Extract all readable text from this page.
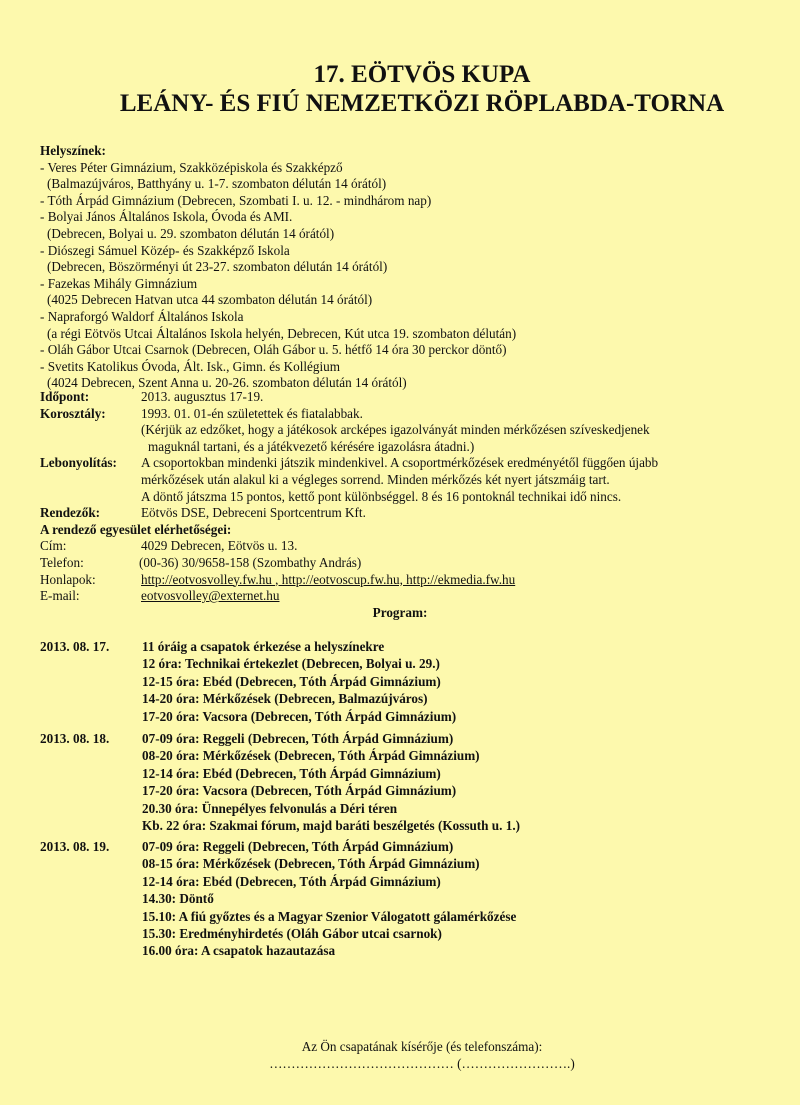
17. EÖTVÖS KUPA
LEÁNY- ÉS FIÚ NEMZETKÖZI RÖPLABDA-TORNA
Helyszínek:
- Veres Péter Gimnázium, Szakközépiskola és Szakképző
(Balmazújváros, Batthyány u. 1-7. szombaton délután 14 órától)
- Tóth Árpád Gimnázium (Debrecen, Szombati I. u. 12. - mindhárom nap)
- Bolyai János Általános Iskola, Óvoda és AMI.
(Debrecen, Bolyai u. 29. szombaton délután 14 órától)
- Diószegi Sámuel Közép- és Szakképző Iskola
(Debrecen, Böszörményi út 23-27. szombaton délután 14 órától)
- Fazekas Mihály Gimnázium
(4025 Debrecen Hatvan utca 44 szombaton délután 14 órától)
- Napraforgó Waldorf Általános Iskola
(a régi Eötvös Utcai Általános Iskola helyén, Debrecen, Kút utca 19. szombaton délután)
- Oláh Gábor Utcai Csarnok (Debrecen, Oláh Gábor u. 5. hétfő 14 óra 30 perckor döntő)
- Svetits Katolikus Óvoda, Ált. Isk., Gimn. és Kollégium
(4024 Debrecen, Szent Anna u. 20-26. szombaton délután 14 órától)
Időpont:	2013. augusztus 17-19.
Korosztály:	1993. 01. 01-én születettek és fiatalabbak.
(Kérjük az edzőket, hogy a játékosok arcképes igazolványát minden mérkőzésen szíveskedjenek
maguknál tartani, és a játékvezető kérésére igazolásra átadni.)
Lebonyolítás: A csoportokban mindenki játszik mindenkivel. A csoportmérkőzések eredményétől függően újabb
mérkőzések után alakul ki a végleges sorrend. Minden mérkőzés két nyert játszmáig tart.
A döntő játszma 15 pontos, kettő pont különbséggel. 8 és 16 pontoknál technikai idő nincs.
Rendezők:	Eötvös DSE, Debreceni Sportcentrum Kft.
A rendező egyesület elérhetőségei:
Cím:	4029 Debrecen, Eötvös u. 13.
Telefon:	(00-36) 30/9658-158 (Szombathy András)
Honlapok:	http://eotvosvolley.fw.hu , http://eotvoscup.fw.hu, http://ekmedia.fw.hu
E-mail:	eotvosvolley@externet.hu
Program:
2013. 08. 17. 11 óráig a csapatok érkezése a helyszínekre
12 óra: Technikai értekezlet (Debrecen, Bolyai u. 29.)
12-15 óra: Ebéd (Debrecen, Tóth Árpád Gimnázium)
14-20 óra: Mérkőzések (Debrecen, Balmazújváros)
17-20 óra: Vacsora (Debrecen, Tóth Árpád Gimnázium)
2013. 08. 18. 07-09 óra: Reggeli (Debrecen, Tóth Árpád Gimnázium)
08-20 óra: Mérkőzések (Debrecen, Tóth Árpád Gimnázium)
12-14 óra: Ebéd (Debrecen, Tóth Árpád Gimnázium)
17-20 óra: Vacsora (Debrecen, Tóth Árpád Gimnázium)
20.30 óra: Ünnepélyes felvonulás a Déri téren
Kb. 22 óra: Szakmai fórum, majd baráti beszélgetés (Kossuth u. 1.)
2013. 08. 19. 07-09 óra: Reggeli (Debrecen, Tóth Árpád Gimnázium)
08-15 óra: Mérkőzések (Debrecen, Tóth Árpád Gimnázium)
12-14 óra: Ebéd (Debrecen, Tóth Árpád Gimnázium)
14.30: Döntő
15.10: A fiú győztes és a Magyar Szenior Válogatott gálamérkőzése
15.30: Eredményhirdetés (Oláh Gábor utcai csarnok)
16.00 óra: A csapatok hazautazása
Az Ön csapatának kísérője (és telefonszáma):
…………………………………… (…………………….)
